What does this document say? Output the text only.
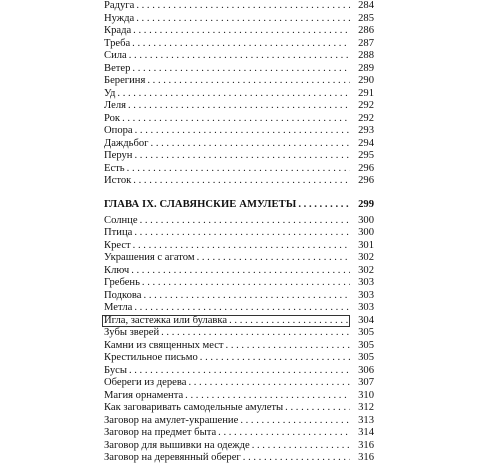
Радуга . . .	284
Нужда . . .	285
Крада . . .	286
Треба . . .	287
Сила . . .	288
Ветер . . .	289
Берегиня . . .	290
Уд . . .	291
Леля . . .	292
Рок . . .	292
Опора . . .	293
Даждьбог . . .	294
Перун . . .	295
Есть . . .	296
Исток . . .	296
ГЛАВА IX. СЛАВЯНСКИЕ АМУЛЕТЫ . . .	299
Солнце . . .	300
Птица . . .	300
Крест . . .	301
Украшения с агатом . . .	302
Ключ . . .	302
Гребень . . .	303
Подкова . . .	303
Метла . . .	303
Игла, застежка или булавка . . .	304
Зубы зверей . . .	305
Камни из священных мест . . .	305
Крестильное письмо . . .	305
Бусы . . .	306
Обереги из дерева . . .	307
Магия орнамента . . .	310
Как заговаривать самодельные амулеты . . .	312
Заговор на амулет-украшение . . .	313
Заговор на предмет быта . . .	314
Заговор для вышивки на одежде . . .	316
Заговор на деревянный оберег . . .	316
